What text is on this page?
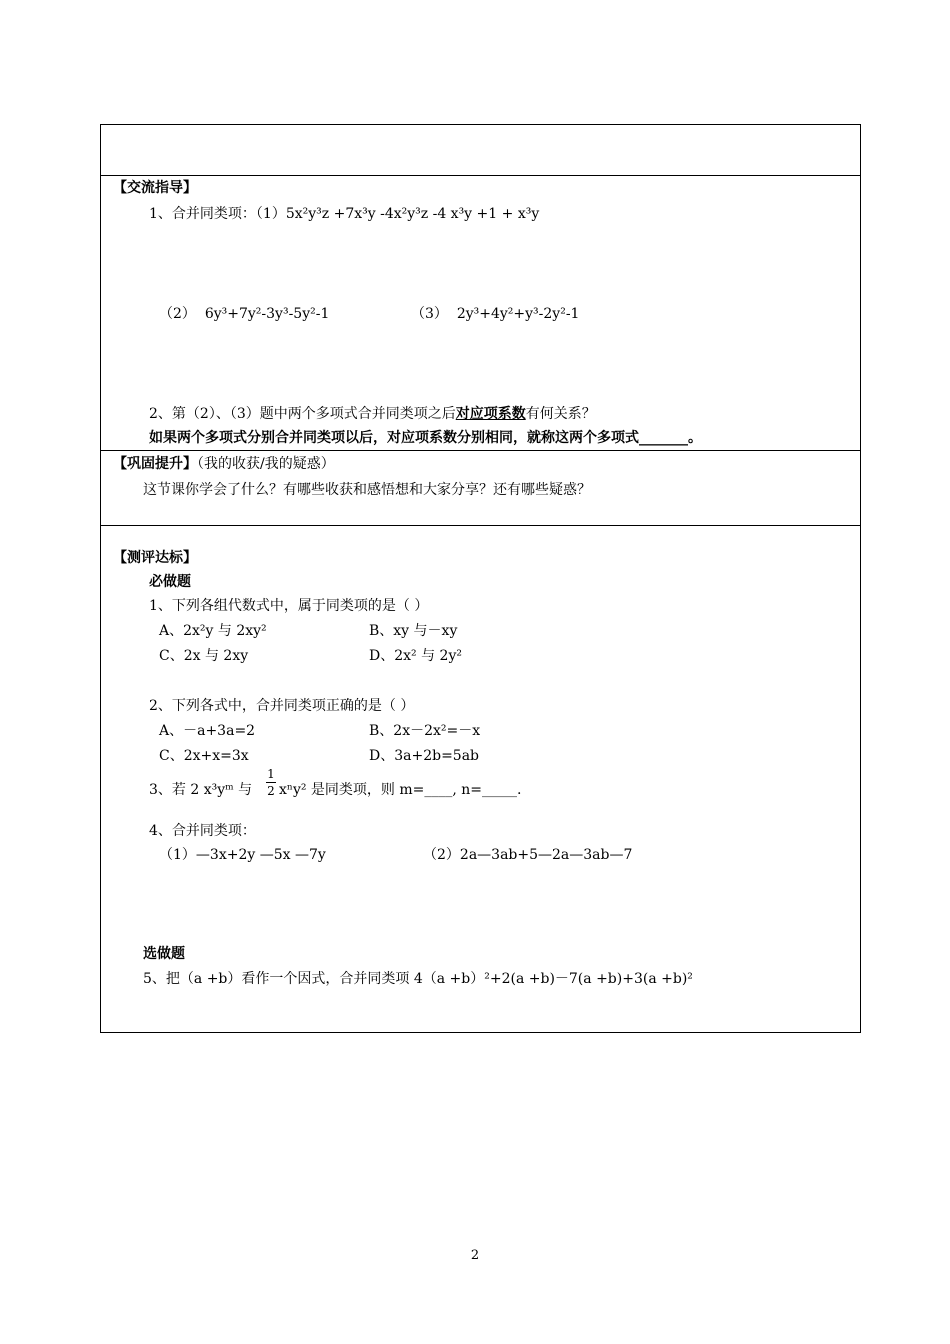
【交流指导】
1、合并同类项：（1）5x²y³z +7x³y -4x²y³z -4 x³y +1 + x³y
（2） 6y³+7y²-3y³-5y²-1	（3） 2y³+4y²+y³-2y²-1
2、第（2）、（3）题中两个多项式合并同类项之后对应项系数有何关系？
如果两个多项式分别合并同类项以后，对应项系数分别相同，就称这两个多项式_______。
【巩固提升】（我的收获/我的疑惑）
这节课你学会了什么？有哪些收获和感悟想和大家分享？还有哪些疑惑？
【测评达标】
必做题
1、下列各组代数式中，属于同类项的是（ ）
A、2x²y 与 2xy²	B、xy 与－xy
C、2x 与 2xy	D、2x² 与 2y²
2、下列各式中，合并同类项正确的是（ ）
A、－a+3a=2	B、2x－2x²=－x
C、2x+x=3x	D、3a+2b=5ab
3、若 2 x³yᵐ 与
1
2 xⁿy² 是同类项，则 m=____, n=_____.
4、合并同类项：
（1）—3x+2y —5x —7y	（2）2a—3ab+5—2a—3ab—7
选做题
5、把（a +b）看作一个因式，合并同类项 4（a +b）²+2(a +b)－7(a +b)+3(a +b)²
2
